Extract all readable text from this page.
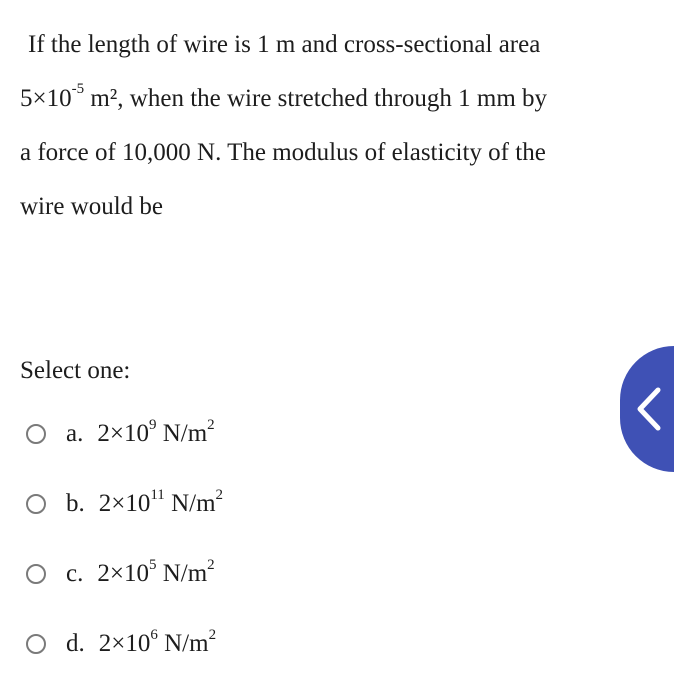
If the length of wire is 1 m and cross-sectional area
$5\times 10^{-5}$ m², when the wire stretched through 1 mm by
a force of 10,000 N. The modulus of elasticity of the
wire would be
Select one:
a. $2\times 10^9$ $N/m^2$
b. $2\times 10^{11}$ $N/m^2$
c. $2\times 10^5$ $N/m^2$
d. $2\times 10^6$ $N/m^2$
